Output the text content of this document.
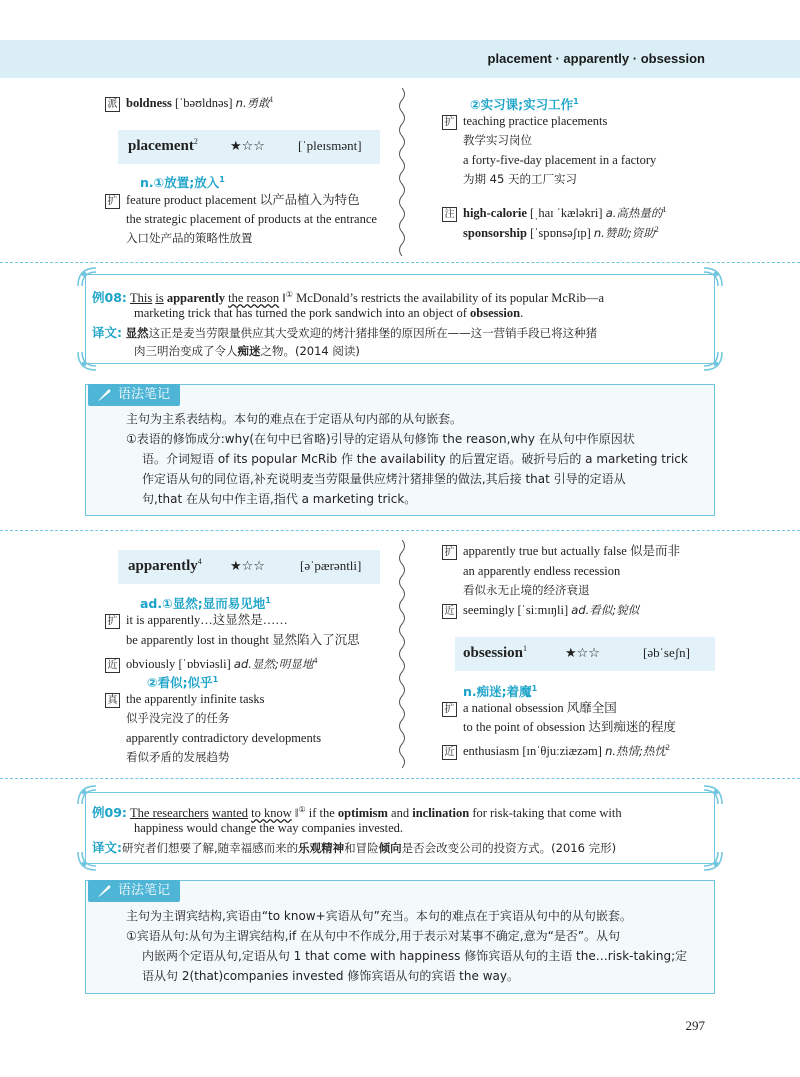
placement · apparently · obsession
派 boldness [ˈbəʊldnəs] n.勇敢$^1$
placement$^2$ ★☆☆	[ˈpleɪsmənt]
n.①放置;放入$^1$
扩 feature product placement 以产品植入为特色
the strategic placement of products at the entrance
入口处产品的策略性放置
②实习课;实习工作$^1$
扩 teaching practice placements
教学实习岗位
a forty-five-day placement in a factory
为期 45 天的工厂实习
注 high-calorie [ˌhaɪ ˈkæləkri] a.高热量的$^1$
sponsorship [ˈspɒnsəʃɪp] n.赞助;资助$^2$
例08: This is apparently the reason ‖① McDonald’s restricts the availability of its popular McRib—a
marketing trick that has turned the pork sandwich into an object of obsession.
译文: 显然这正是麦当劳限量供应其大受欢迎的烤汁猪排堡的原因所在——这一营销手段已将这种猪
肉三明治变成了令人痴迷之物。(2014 阅读)
语法笔记
主句为主系表结构。本句的难点在于定语从句内部的从句嵌套。
①表语的修饰成分:why(在句中已省略)引导的定语从句修饰 the reason,why 在从句中作原因状
语。介词短语 of its popular McRib 作 the availability 的后置定语。破折号后的 a marketing trick
作定语从句的同位语,补充说明麦当劳限量供应烤汁猪排堡的做法,其后接 that 引导的定语从
句,that 在从句中作主语,指代 a marketing trick。
apparently$^4$ ★☆☆	[əˈpærəntli]
ad.①显然;显而易见地$^1$
扩 it is apparently…这显然是……
be apparently lost in thought 显然陷入了沉思
近 obviously [ˈɒbviəsli] ad.显然;明显地$^4$
②看似;似乎$^1$
真 the apparently infinite tasks
似乎没完没了的任务
apparently contradictory developments
看似矛盾的发展趋势
扩 apparently true but actually false 似是而非
an apparently endless recession
看似永无止境的经济衰退
近 seemingly [ˈsiːmɪŋli] ad.看似;貌似
obsession$^1$	★☆☆	[əbˈseʃn]
n.痴迷;着魔$^1$
扩 a national obsession 风靡全国
to the point of obsession 达到痴迷的程度
近 enthusiasm [ɪnˈθjuːziæzəm] n.热情;热忱$^2$
例09: The researchers wanted to know ‖① if the optimism and inclination for risk-taking that come with
happiness would change the way companies invested.
译文:研究者们想要了解,随幸福感而来的乐观精神和冒险倾向是否会改变公司的投资方式。(2016 完形)
语法笔记
主句为主谓宾结构,宾语由“to know+宾语从句”充当。本句的难点在于宾语从句中的从句嵌套。
①宾语从句:从句为主谓宾结构,if 在从句中不作成分,用于表示对某事不确定,意为“是否”。从句
内嵌两个定语从句,定语从句 1 that come with happiness 修饰宾语从句的主语 the…risk-taking;定
语从句 2(that)companies invested 修饰宾语从句的宾语 the way。
297
